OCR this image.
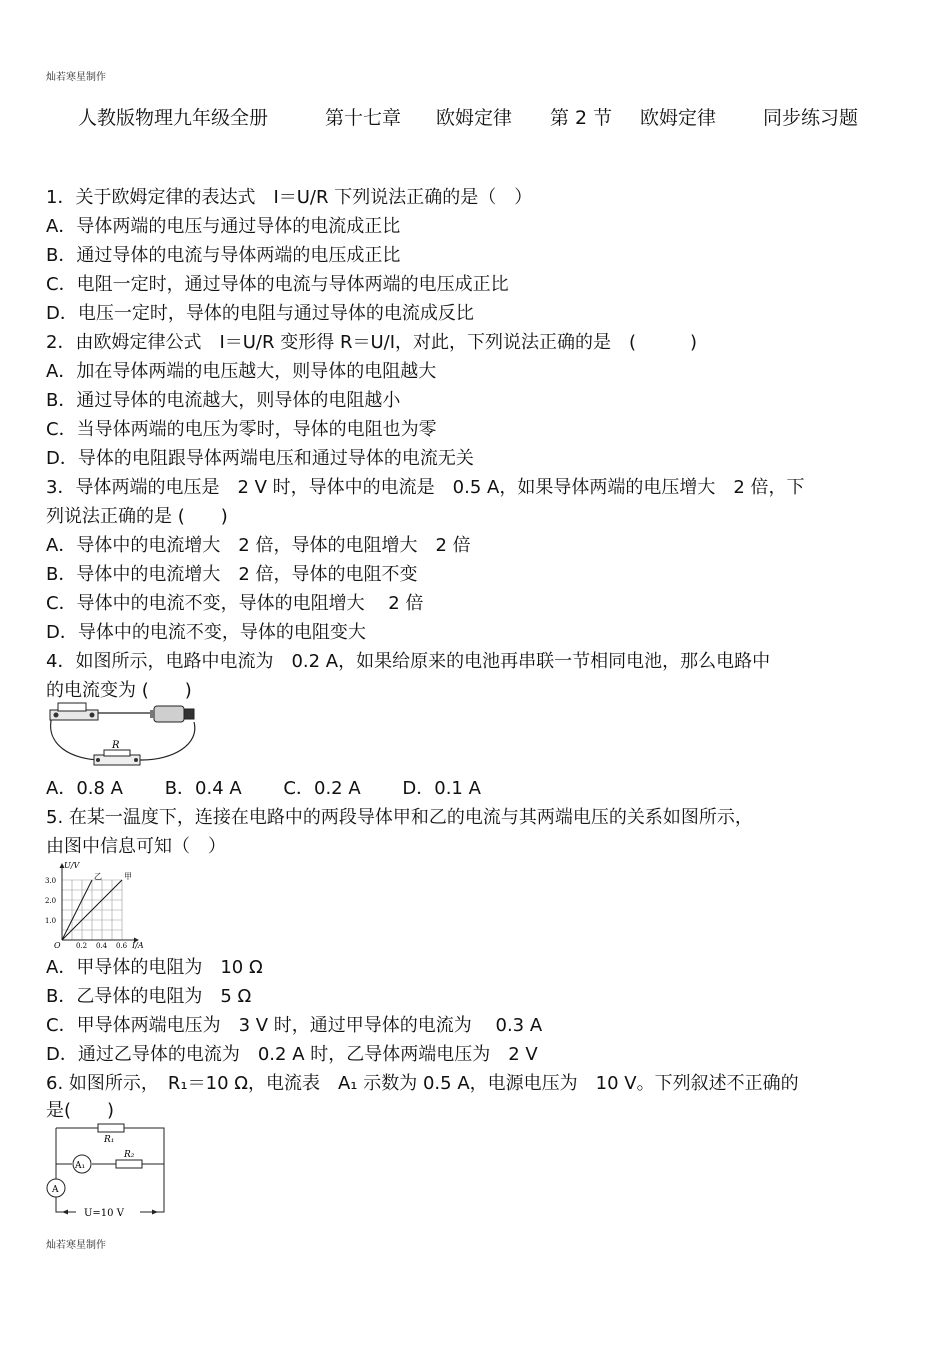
灿若寒星制作
灿若寒星制作
人教版物理九年级全册	第十七章 欧姆定律 第 2 节 欧姆定律 同步练习题
1．关于欧姆定律的表达式　I＝U/R 下列说法正确的是（　）
A．导体两端的电压与通过导体的电流成正比
B．通过导体的电流与导体两端的电压成正比
C．电阻一定时，通过导体的电流与导体两端的电压成正比
D．电压一定时，导体的电阻与通过导体的电流成反比
2．由欧姆定律公式　I＝U/R 变形得 R＝U/I，对此，下列说法正确的是　(　　　)
A．加在导体两端的电压越大，则导体的电阻越大
B．通过导体的电流越大，则导体的电阻越小
C．当导体两端的电压为零时，导体的电阻也为零
D．导体的电阻跟导体两端电压和通过导体的电流无关
3．导体两端的电压是　2 V 时，导体中的电流是　0.5 A，如果导体两端的电压增大　2 倍，下
列说法正确的是 (　　)
A．导体中的电流增大　2 倍，导体的电阻增大　2 倍
B．导体中的电流增大　2 倍，导体的电阻不变
C．导体中的电流不变，导体的电阻增大　 2 倍
D．导体中的电流不变，导体的电阻变大
4．如图所示，电路中电流为　0.2 A，如果给原来的电池再串联一节相同电池，那么电路中
的电流变为 (　　)
R
A．0.8 A　　 B．0.4 A　　 C．0.2 A　　 D．0.1 A
5. 在某一温度下，连接在电路中的两段导体甲和乙的电流与其两端电压的关系如图所示，
由图中信息可知（　）
甲
乙
0.2 0.4 0.6
1.0
2.0
3.0
U/V
I/A
O
A．甲导体的电阻为　10 Ω
B．乙导体的电阻为　5 Ω
C．甲导体两端电压为　3 V 时，通过甲导体的电流为　 0.3 A
D．通过乙导体的电流为　0.2 A 时，乙导体两端电压为　2 V
6. 如图所示，　R₁＝10 Ω，电流表　A₁ 示数为 0.5 A，电源电压为　10 V。下列叙述不正确的
是(　　)
R₁
R₂
A₁
A
U=10 V
